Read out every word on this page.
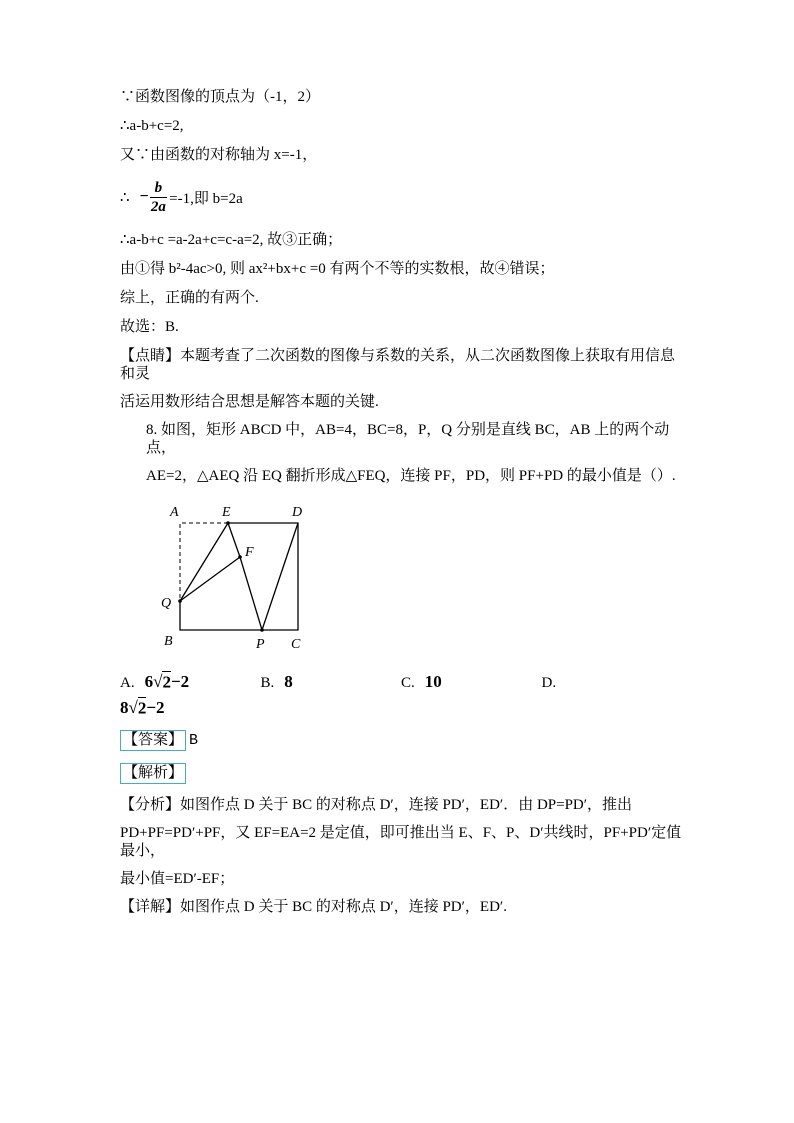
∵函数图像的顶点为（-1，2）

∴a-b+c=2,

又∵由函数的对称轴为 x=-1，

∴ − $\frac{b}{2a} =-1$,即 b=2a

∴a-b+c =a-2a+c=c-a=2, 故③正确；

由①得 b²-4ac>0, 则 ax²+bx+c =0 有两个不等的实数根，故④错误；

综上，正确的有两个.

故选：B.

【点睛】本题考查了二次函数的图像与系数的关系，从二次函数图像上获取有用信息和灵

活运用数形结合思想是解答本题的关键.

8. 如图，矩形 ABCD 中，AB=4，BC=8，P，Q 分别是直线 BC，AB 上的两个动点，

AE=2，△AEQ 沿 EQ 翻折形成△FEQ，连接 PF，PD，则 PF+PD 的最小值是（）.

A	E	D
B
Q
F
P C
A. 6√2−2	B. 8	C. 10	D.

8√2−2

【答案】 B

【解析】

【分析】如图作点 D 关于 BC 的对称点 D′，连接 PD′，ED′．由 DP=PD′，推出

PD+PF=PD′+PF，又 EF=EA=2 是定值，即可推出当 E、F、P、D′共线时，PF+PD′定值最小，

最小值=ED′-EF；

【详解】如图作点 D 关于 BC 的对称点 D′，连接 PD′，ED′.
